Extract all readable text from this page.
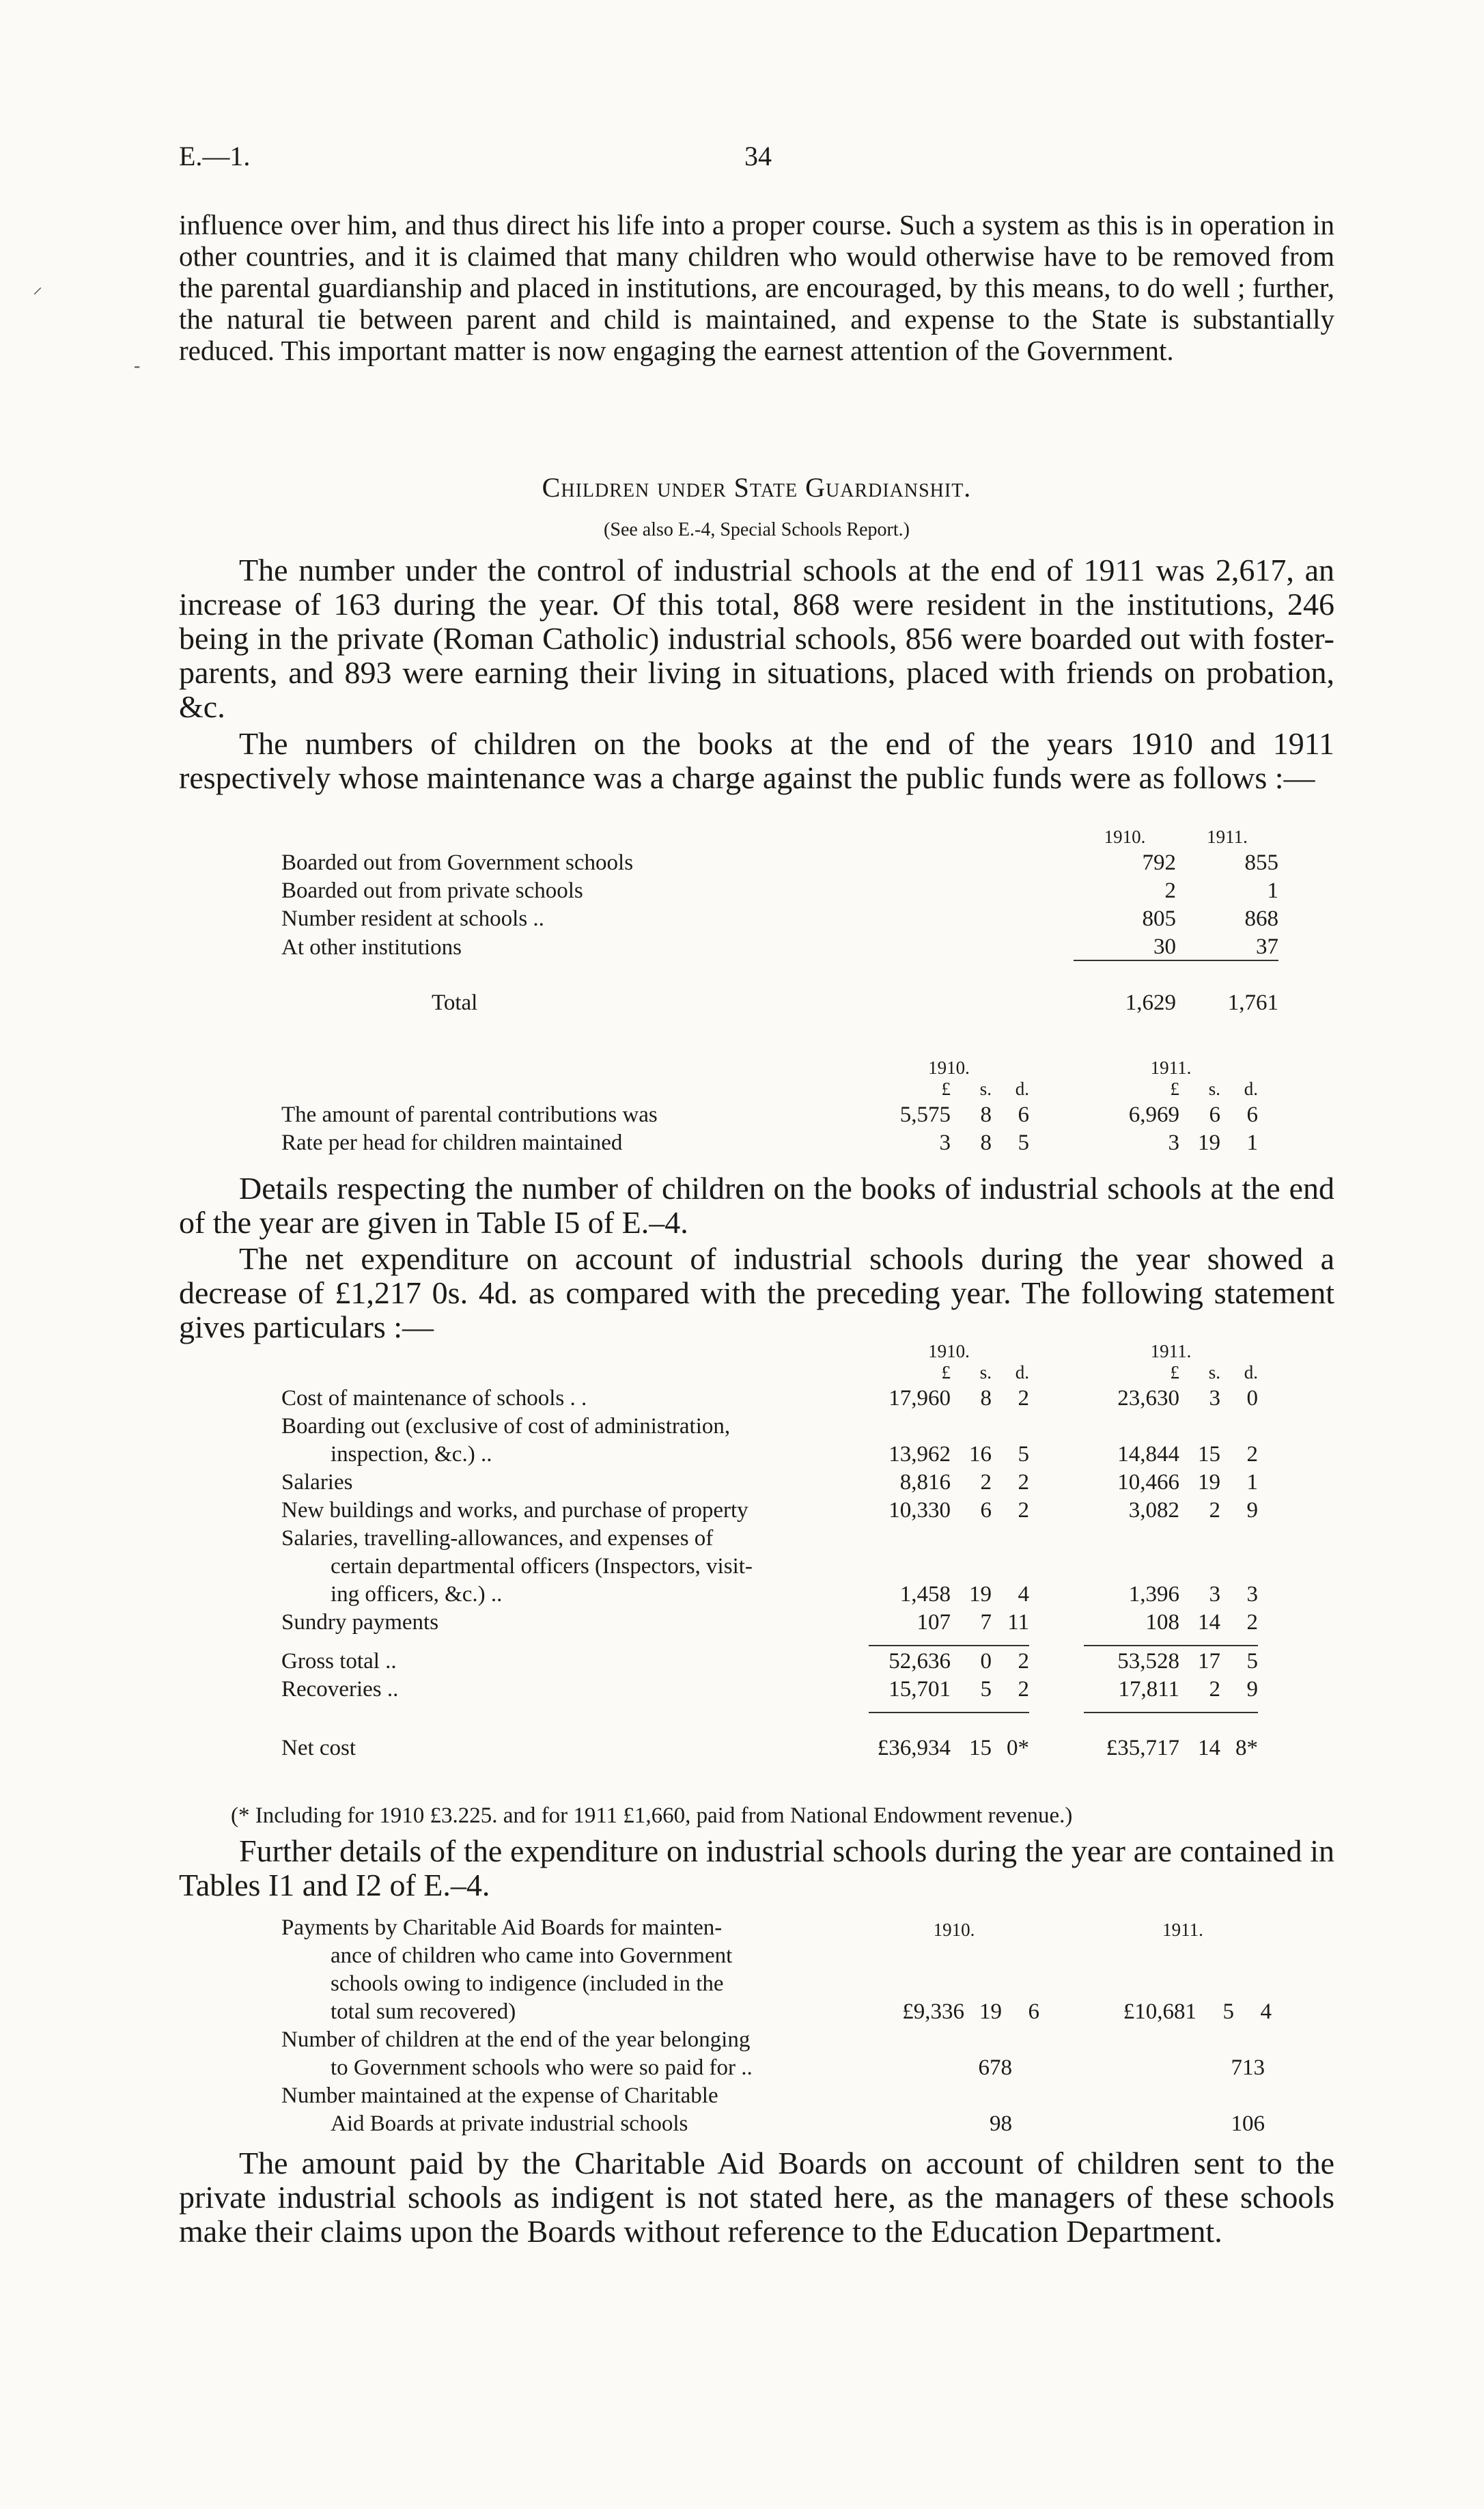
E.—1.	34
⸝
-

influence over him, and thus direct his life into a proper course. Such a system as this is in operation in other countries, and it is claimed that many children who would otherwise have to be removed from the parental guardianship and placed in institutions, are encouraged, by this means, to do well ; further, the natural tie between parent and child is maintained, and expense to the State is substantially reduced. This important matter is now engaging the earnest attention of the Government.

Children under State Guardianshit.
(See also E.-4, Special Schools Report.)

The number under the control of industrial schools at the end of 1911 was 2,617, an increase of 163 during the year. Of this total, 868 were resident in the institutions, 246 being in the private (Roman Catholic) industrial schools, 856 were boarded out with foster-parents, and 893 were earning their living in situations, placed with friends on probation, &c.

The numbers of children on the books at the end of the years 1910 and 1911 respectively whose maintenance was a charge against the public funds were as follows :—

	1910.	1911.
Boarded out from Government schools	792	855
Boarded out from private schools	2	1
Number resident at schools ..	805	868
At other institutions	30	37
Total	1,629	1,761
	1910.				1911.		
	£	s.	d.		£	s.	d.
The amount of parental contributions was	5,575	8	6		6,969	6	6
Rate per head for children maintained	3	8	5		3	19	1

Details respecting the number of children on the books of industrial schools at the end of the year are given in Table I5 of E.–4.

The net expenditure on account of industrial schools during the year showed a decrease of £1,217 0s. 4d. as compared with the preceding year. The following statement gives particulars :—

	1910.				1911.		
	£	s.	d.		£	s.	d.
Cost of maintenance of schools . .	17,960	8	2		23,630	3	0
Boarding out (exclusive of cost of administration,							
inspection, &c.) ..	13,962	16	5		14,844	15	2
Salaries	8,816	2	2		10,466	19	1
New buildings and works, and purchase of property	10,330	6	2		3,082	2	9
Salaries, travelling-allowances, and expenses of							
certain departmental officers (Inspectors, visit-							
ing officers, &c.) ..	1,458	19	4		1,396	3	3
Sundry payments	107	7	11		108	14	2

Gross total ..	52,636	0	2		53,528	17	5
Recoveries ..	15,701	5	2		17,811	2	9

Net cost	£36,934	15	0*		£35,717	14	8*
(* Including for 1910 £3.225. and for 1911 £1,660, paid from National Endowment revenue.)

Further details of the expenditure on industrial schools during the year are contained in Tables I1 and I2 of E.–4.

Payments by Charitable Aid Boards for mainten-	1910.				1911.		
ance of children who came into Government							
schools owing to indigence (included in the							
total sum recovered)	£9,336	19	6		£10,681	5	4
Number of children at the end of the year belonging							
to Government schools who were so paid for ..	678				713		
Number maintained at the expense of Charitable							
Aid Boards at private industrial schools	98				106		

The amount paid by the Charitable Aid Boards on account of children sent to the private industrial schools as indigent is not stated here, as the managers of these schools make their claims upon the Boards without reference to the Education Department.
